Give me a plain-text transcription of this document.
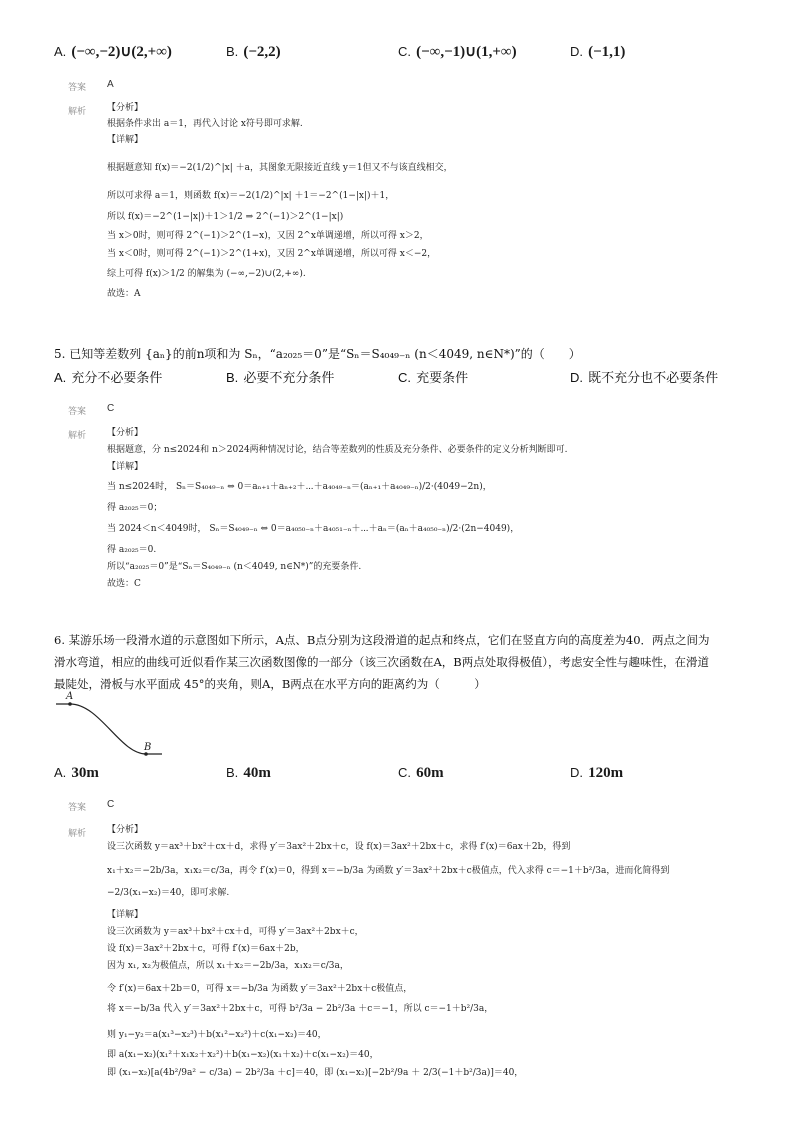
A. (−∞,−2)∪(2,+∞)	B. (−2,2)	C. (−∞,−1)∪(1,+∞)	D. (−1,1)
答案 A
解析 【分析】
根据条件求出 a＝1，再代入讨论 x符号即可求解.
【详解】
根据题意知 f(x)＝−2(1/2)^|x| ＋a，其图象无限接近直线 y＝1但又不与该直线相交，
所以可求得 a＝1，则函数 f(x)＝−2(1/2)^|x| ＋1＝−2^(1−|x|)＋1，
所以 f(x)＝−2^(1−|x|)＋1＞1/2 ⇒ 2^(−1)＞2^(1−|x|)
当 x＞0时，则可得 2^(−1)＞2^(1−x)，又因 2^x单调递增，所以可得 x＞2，
当 x＜0时，则可得 2^(−1)＞2^(1+x)，又因 2^x单调递增，所以可得 x＜−2，
综上可得 f(x)＞1/2 的解集为 (−∞,−2)∪(2,+∞).
故选：A
5. 已知等差数列 {aₙ}的前n项和为 Sₙ，“a₂₀₂₅＝0”是“Sₙ＝S₄₀₄₉₋ₙ (n＜4049, n∈N*)”的（　　）
A. 充分不必要条件	B. 必要不充分条件	C. 充要条件	D. 既不充分也不必要条件
答案 C
解析 【分析】
根据题意，分 n≤2024和 n＞2024两种情况讨论，结合等差数列的性质及充分条件、必要条件的定义分析判断即可.
【详解】
当 n≤2024时， Sₙ＝S₄₀₄₉₋ₙ ⇔ 0＝aₙ₊₁＋aₙ₊₂＋⋯＋a₄₀₄₉₋ₙ＝(aₙ₊₁＋a₄₀₄₉₋ₙ)/2·(4049−2n)，
得 a₂₀₂₅＝0；
当 2024＜n＜4049时， Sₙ＝S₄₀₄₉₋ₙ ⇔ 0＝a₄₀₅₀₋ₙ＋a₄₀₅₁₋ₙ＋⋯＋aₙ＝(aₙ＋a₄₀₅₀₋ₙ)/2·(2n−4049)，
得 a₂₀₂₅＝0.
所以“a₂₀₂₅＝0”是“Sₙ＝S₄₀₄₉₋ₙ (n＜4049, n∈N*)”的充要条件.
故选：C
6. 某游乐场一段滑水道的示意图如下所示，A点、B点分别为这段滑道的起点和终点，它们在竖直方向的高度差为40．两点之间为
滑水弯道，相应的曲线可近似看作某三次函数图像的一部分（该三次函数在A，B两点处取得极值），考虑安全性与趣味性，在滑道
最陡处，滑板与水平面成 45°的夹角，则A，B两点在水平方向的距离约为（　　　）
A
B
A. 30m	B. 40m	C. 60m	D. 120m
答案 C
解析 【分析】
设三次函数 y＝ax³＋bx²＋cx＋d，求得 y′＝3ax²＋2bx＋c，设 f(x)＝3ax²＋2bx＋c，求得 f′(x)＝6ax＋2b，得到
x₁＋x₂＝−2b/3a，x₁x₂＝c/3a，再令 f′(x)＝0，得到 x＝−b/3a 为函数 y′＝3ax²＋2bx＋c极值点，代入求得 c＝−1＋b²/3a，进而化简得到
−2/3(x₁−x₂)＝40，即可求解.
【详解】
设三次函数为 y＝ax³＋bx²＋cx＋d，可得 y′＝3ax²＋2bx＋c，
设 f(x)＝3ax²＋2bx＋c，可得 f′(x)＝6ax＋2b，
因为 x₁, x₂为极值点，所以 x₁＋x₂＝−2b/3a，x₁x₂＝c/3a，
令 f′(x)＝6ax＋2b＝0，可得 x＝−b/3a 为函数 y′＝3ax²＋2bx＋c极值点，
将 x＝−b/3a 代入 y′＝3ax²＋2bx＋c，可得 b²/3a − 2b²/3a ＋c＝−1，所以 c＝−1＋b²/3a，
则 y₁−y₂＝a(x₁³−x₂³)＋b(x₁²−x₂²)＋c(x₁−x₂)＝40，
即 a(x₁−x₂)(x₁²＋x₁x₂＋x₂²)＋b(x₁−x₂)(x₁＋x₂)＋c(x₁−x₂)＝40，
即 (x₁−x₂)[a(4b²/9a² − c/3a) − 2b²/3a ＋c]＝40，即 (x₁−x₂)[−2b²/9a ＋ 2/3(−1＋b²/3a)]＝40，
